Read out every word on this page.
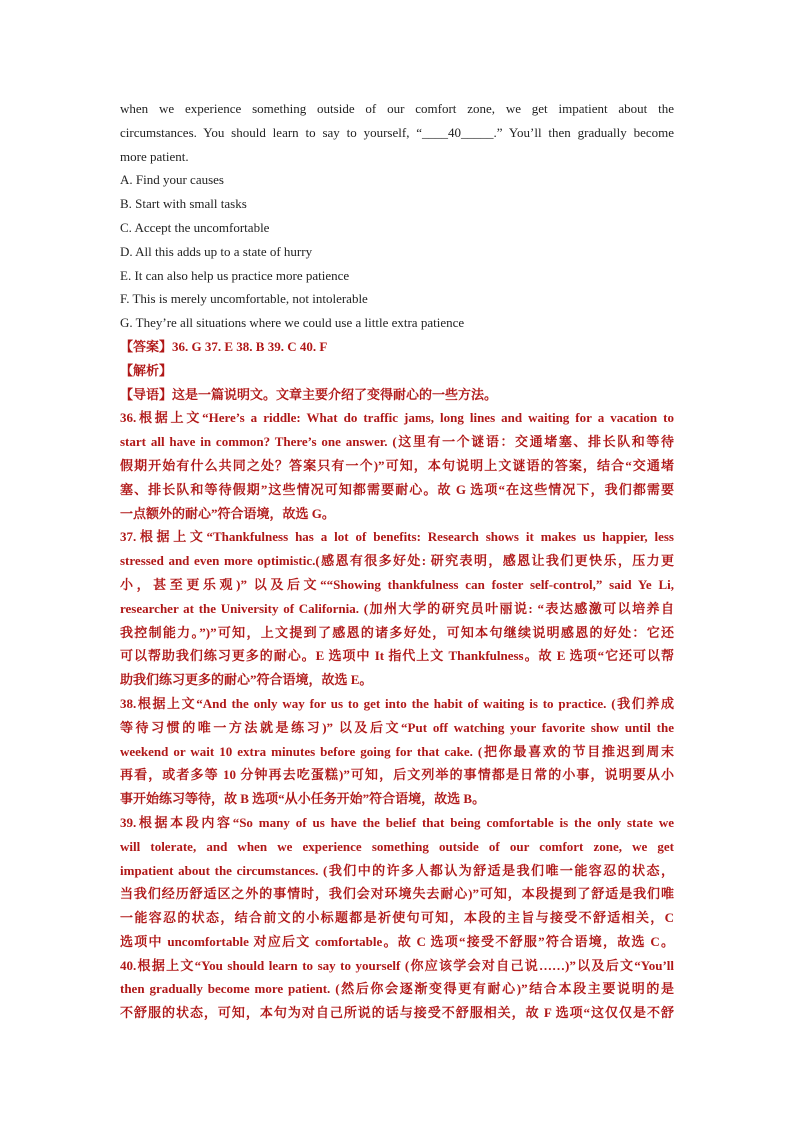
when we experience something outside of our comfort zone, we get impatient about the
circumstances. You should learn to say to yourself, “____40_____.” You’ll then gradually become
more patient.
A. Find your causes
B. Start with small tasks
C. Accept the uncomfortable
D. All this adds up to a state of hurry
E. It can also help us practice more patience
F. This is merely uncomfortable, not intolerable
G. They’re all situations where we could use a little extra patience
【答案】36. G 37. E 38. B 39. C 40. F
【解析】
【导语】这是一篇说明文。文章主要介绍了变得耐心的一些方法。
36.根据上文“Here’s a riddle: What do traffic jams, long lines and waiting for a vacation to
start all have in common? There’s one answer. (这里有一个谜语：交通堵塞、排长队和等待
假期开始有什么共同之处？答案只有一个)”可知，本句说明上文谜语的答案，结合“交通堵
塞、排长队和等待假期”这些情况可知都需要耐心。故 G 选项“在这些情况下，我们都需要
一点额外的耐心”符合语境，故选 G。
37.根据上文“Thankfulness has a lot of benefits: Research shows it makes us happier, less
stressed and even more optimistic.(感恩有很多好处: 研究表明，感恩让我们更快乐，压力更
小，甚至更乐观)” 以及后文““Showing thankfulness can foster self-control,” said Ye Li,
researcher at the University of California. (加州大学的研究员叶丽说: “表达感激可以培养自
我控制能力。”)”可知，上文提到了感恩的诸多好处，可知本句继续说明感恩的好处：它还
可以帮助我们练习更多的耐心。E 选项中 It 指代上文 Thankfulness。故 E 选项“它还可以帮
助我们练习更多的耐心”符合语境，故选 E。
38.根据上文“And the only way for us to get into the habit of waiting is to practice. (我们养成
等待习惯的唯一方法就是练习)” 以及后文“Put off watching your favorite show until the
weekend or wait 10 extra minutes before going for that cake. (把你最喜欢的节目推迟到周末
再看，或者多等 10 分钟再去吃蛋糕)”可知，后文列举的事情都是日常的小事，说明要从小
事开始练习等待，故 B 选项“从小任务开始”符合语境，故选 B。
39.根据本段内容“So many of us have the belief that being comfortable is the only state we
will tolerate, and when we experience something outside of our comfort zone, we get
impatient about the circumstances. (我们中的许多人都认为舒适是我们唯一能容忍的状态，
当我们经历舒适区之外的事情时，我们会对环境失去耐心)”可知，本段提到了舒适是我们唯
一能容忍的状态，结合前文的小标题都是祈使句可知，本段的主旨与接受不舒适相关，C
选项中 uncomfortable 对应后文 comfortable。故 C 选项“接受不舒服”符合语境，故选 C。
40.根据上文“You should learn to say to yourself (你应该学会对自己说……)”以及后文“You’ll
then gradually become more patient. (然后你会逐渐变得更有耐心)”结合本段主要说明的是
不舒服的状态，可知，本句为对自己所说的话与接受不舒服相关，故 F 选项“这仅仅是不舒
